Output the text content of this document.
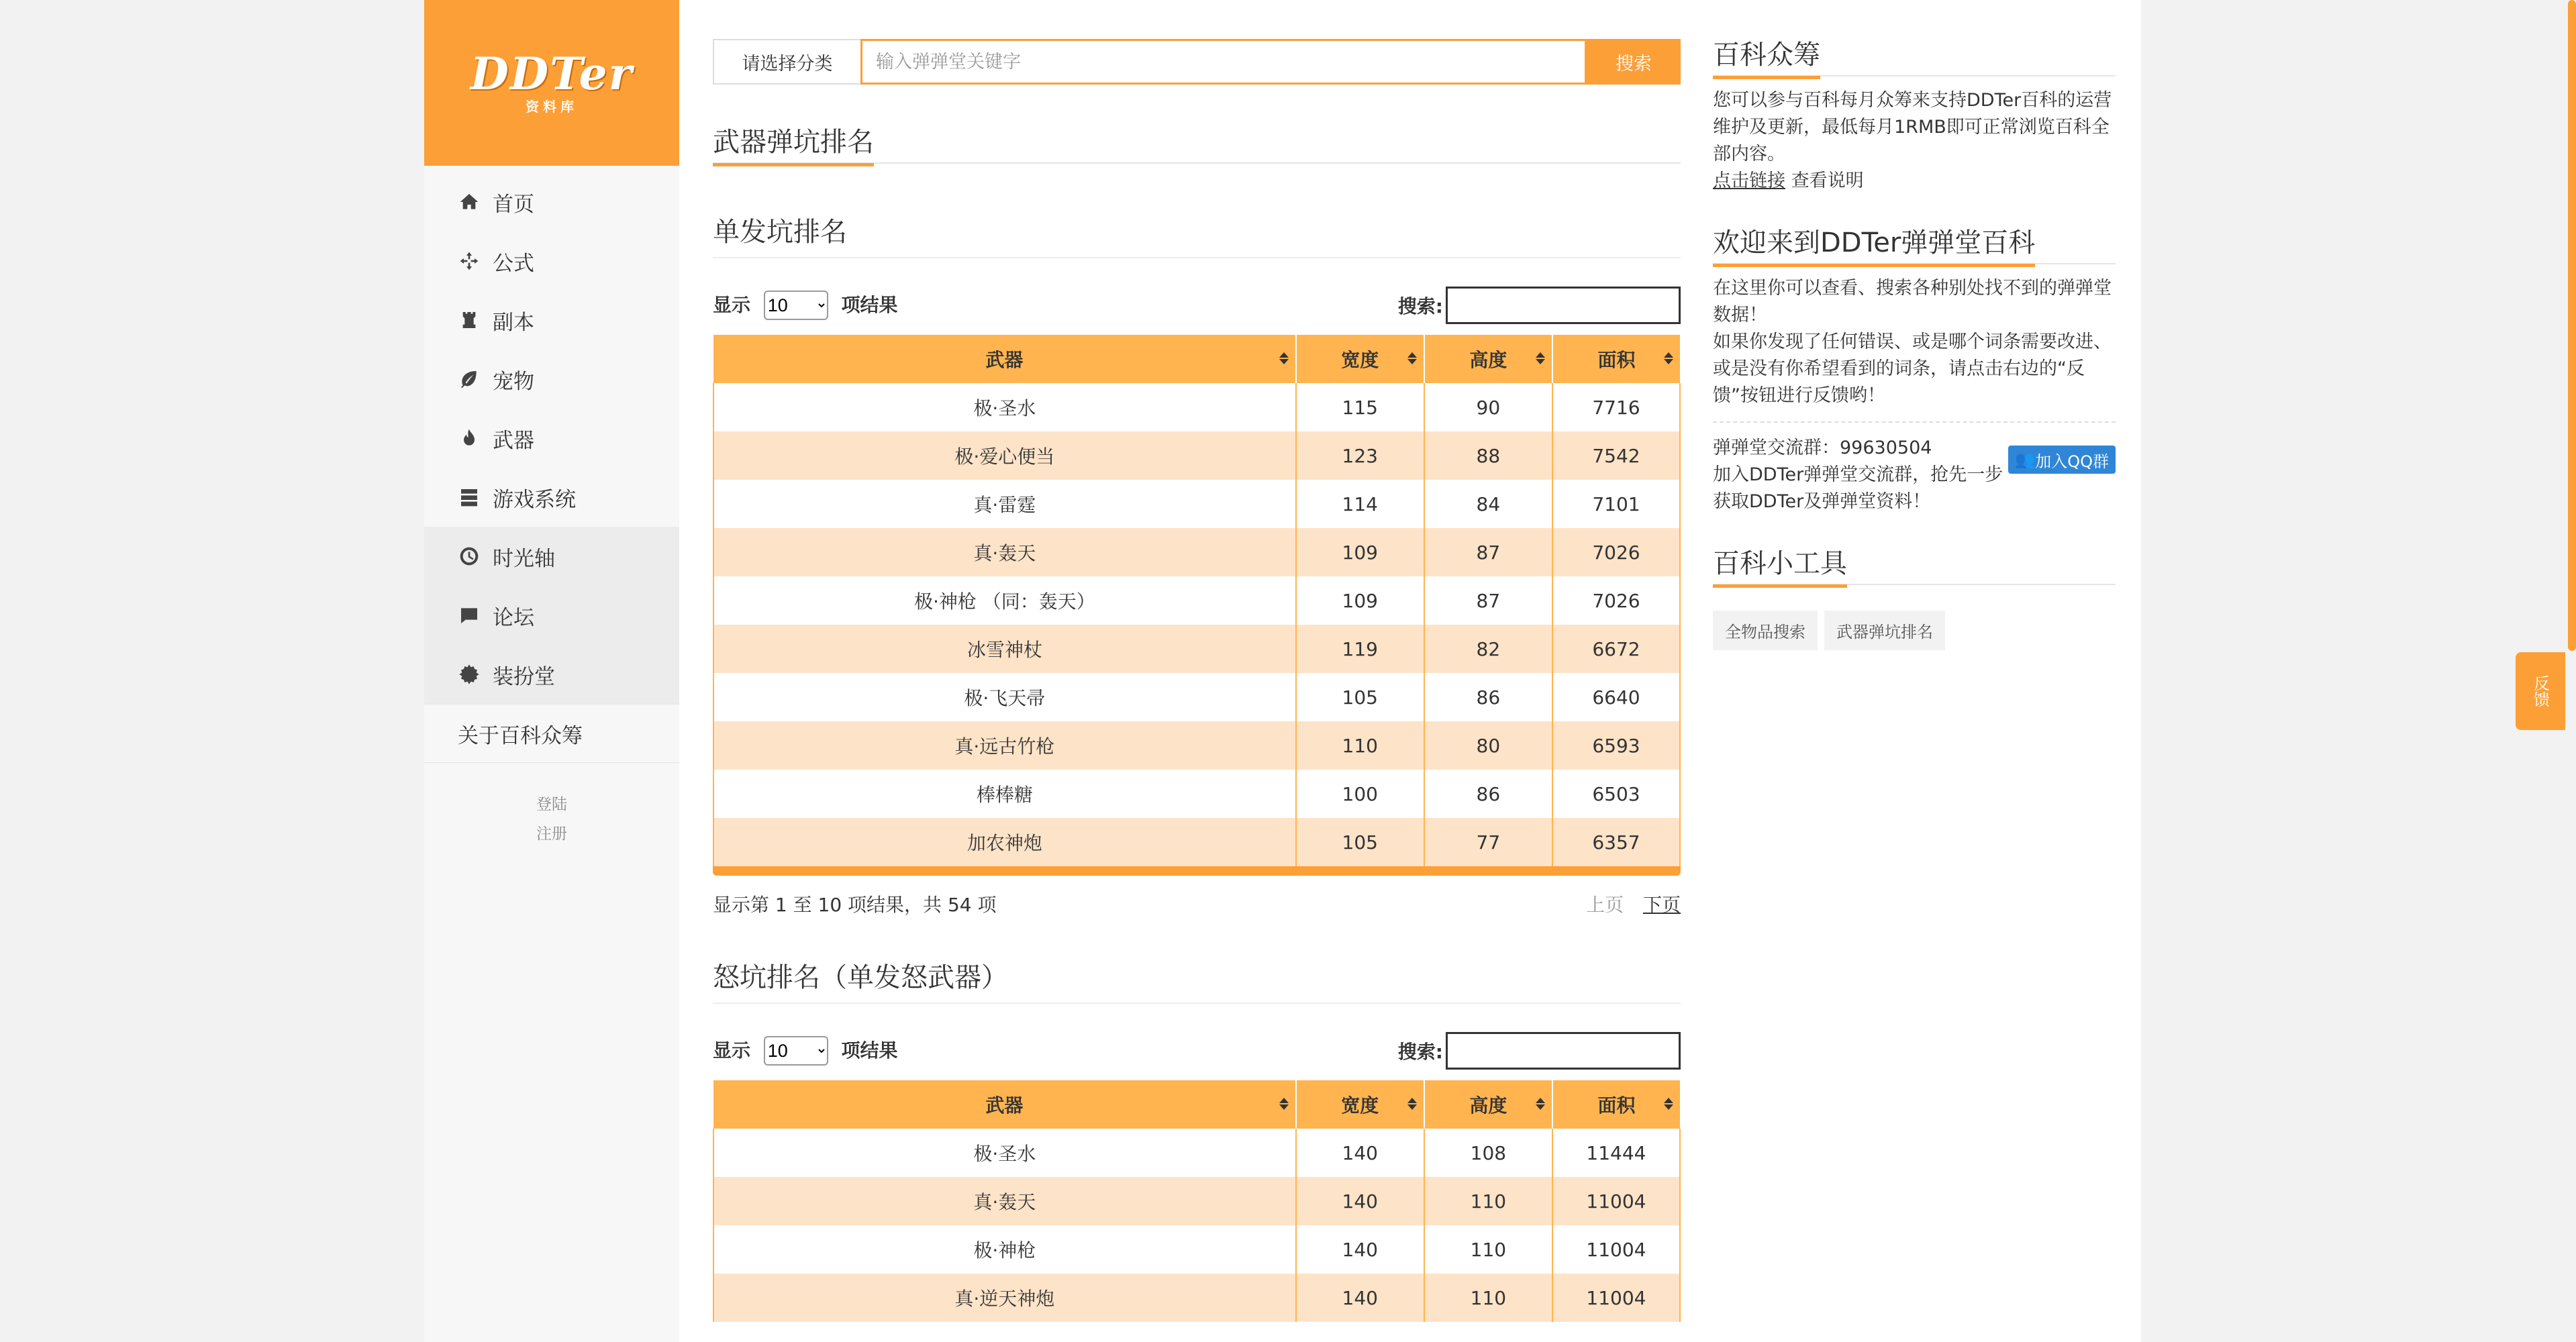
DDTer
资料库
首页
公式
副本
宠物
武器
游戏系统
时光轴
论坛
装扮堂
关于百科众筹
登陆
注册
请选择分类
输入弹弹堂关键字	搜索
武器弹坑排名
单发坑排名
显示
10	项结果	搜索:
武器	宽度	高度	面积

极·圣水	115	90	7716
极·爱心便当	123	88	7542
真·雷霆	114	84	7101
真·轰天	109	87	7026
极·神枪 （同：轰天）	109	87	7026
冰雪神杖	119	82	6672
极·飞天帚	105	86	6640
真·远古竹枪	110	80	6593
棒棒糖	100	86	6503
加农神炮	105	77	6357
显示第 1 至 10 项结果，共 54 项	上页 下页
怒坑排名（单发怒武器）
显示
10	项结果	搜索:
武器	宽度	高度	面积

极·圣水	140	108	11444
真·轰天	140	110	11004
极·神枪	140	110	11004
真·逆天神炮	140	110	11004
百科众筹
您可以参与百科每月众筹来支持DDTer百科的运营维护及更新，最低每月1RMB即可正常浏览百科全部内容。
点击链接 查看说明
欢迎来到DDTer弹弹堂百科
在这里你可以查看、搜索各种别处找不到的弹弹堂数据！
如果你发现了任何错误、或是哪个词条需要改进、或是没有你希望看到的词条，请点击右边的“反馈”按钮进行反馈哟！
弹弹堂交流群：99630504
加入DDTer弹弹堂交流群，抢先一步获取DDTer及弹弹堂资料！
👥 加入QQ群
百科小工具
全物品搜索	武器弹坑排名
反馈
